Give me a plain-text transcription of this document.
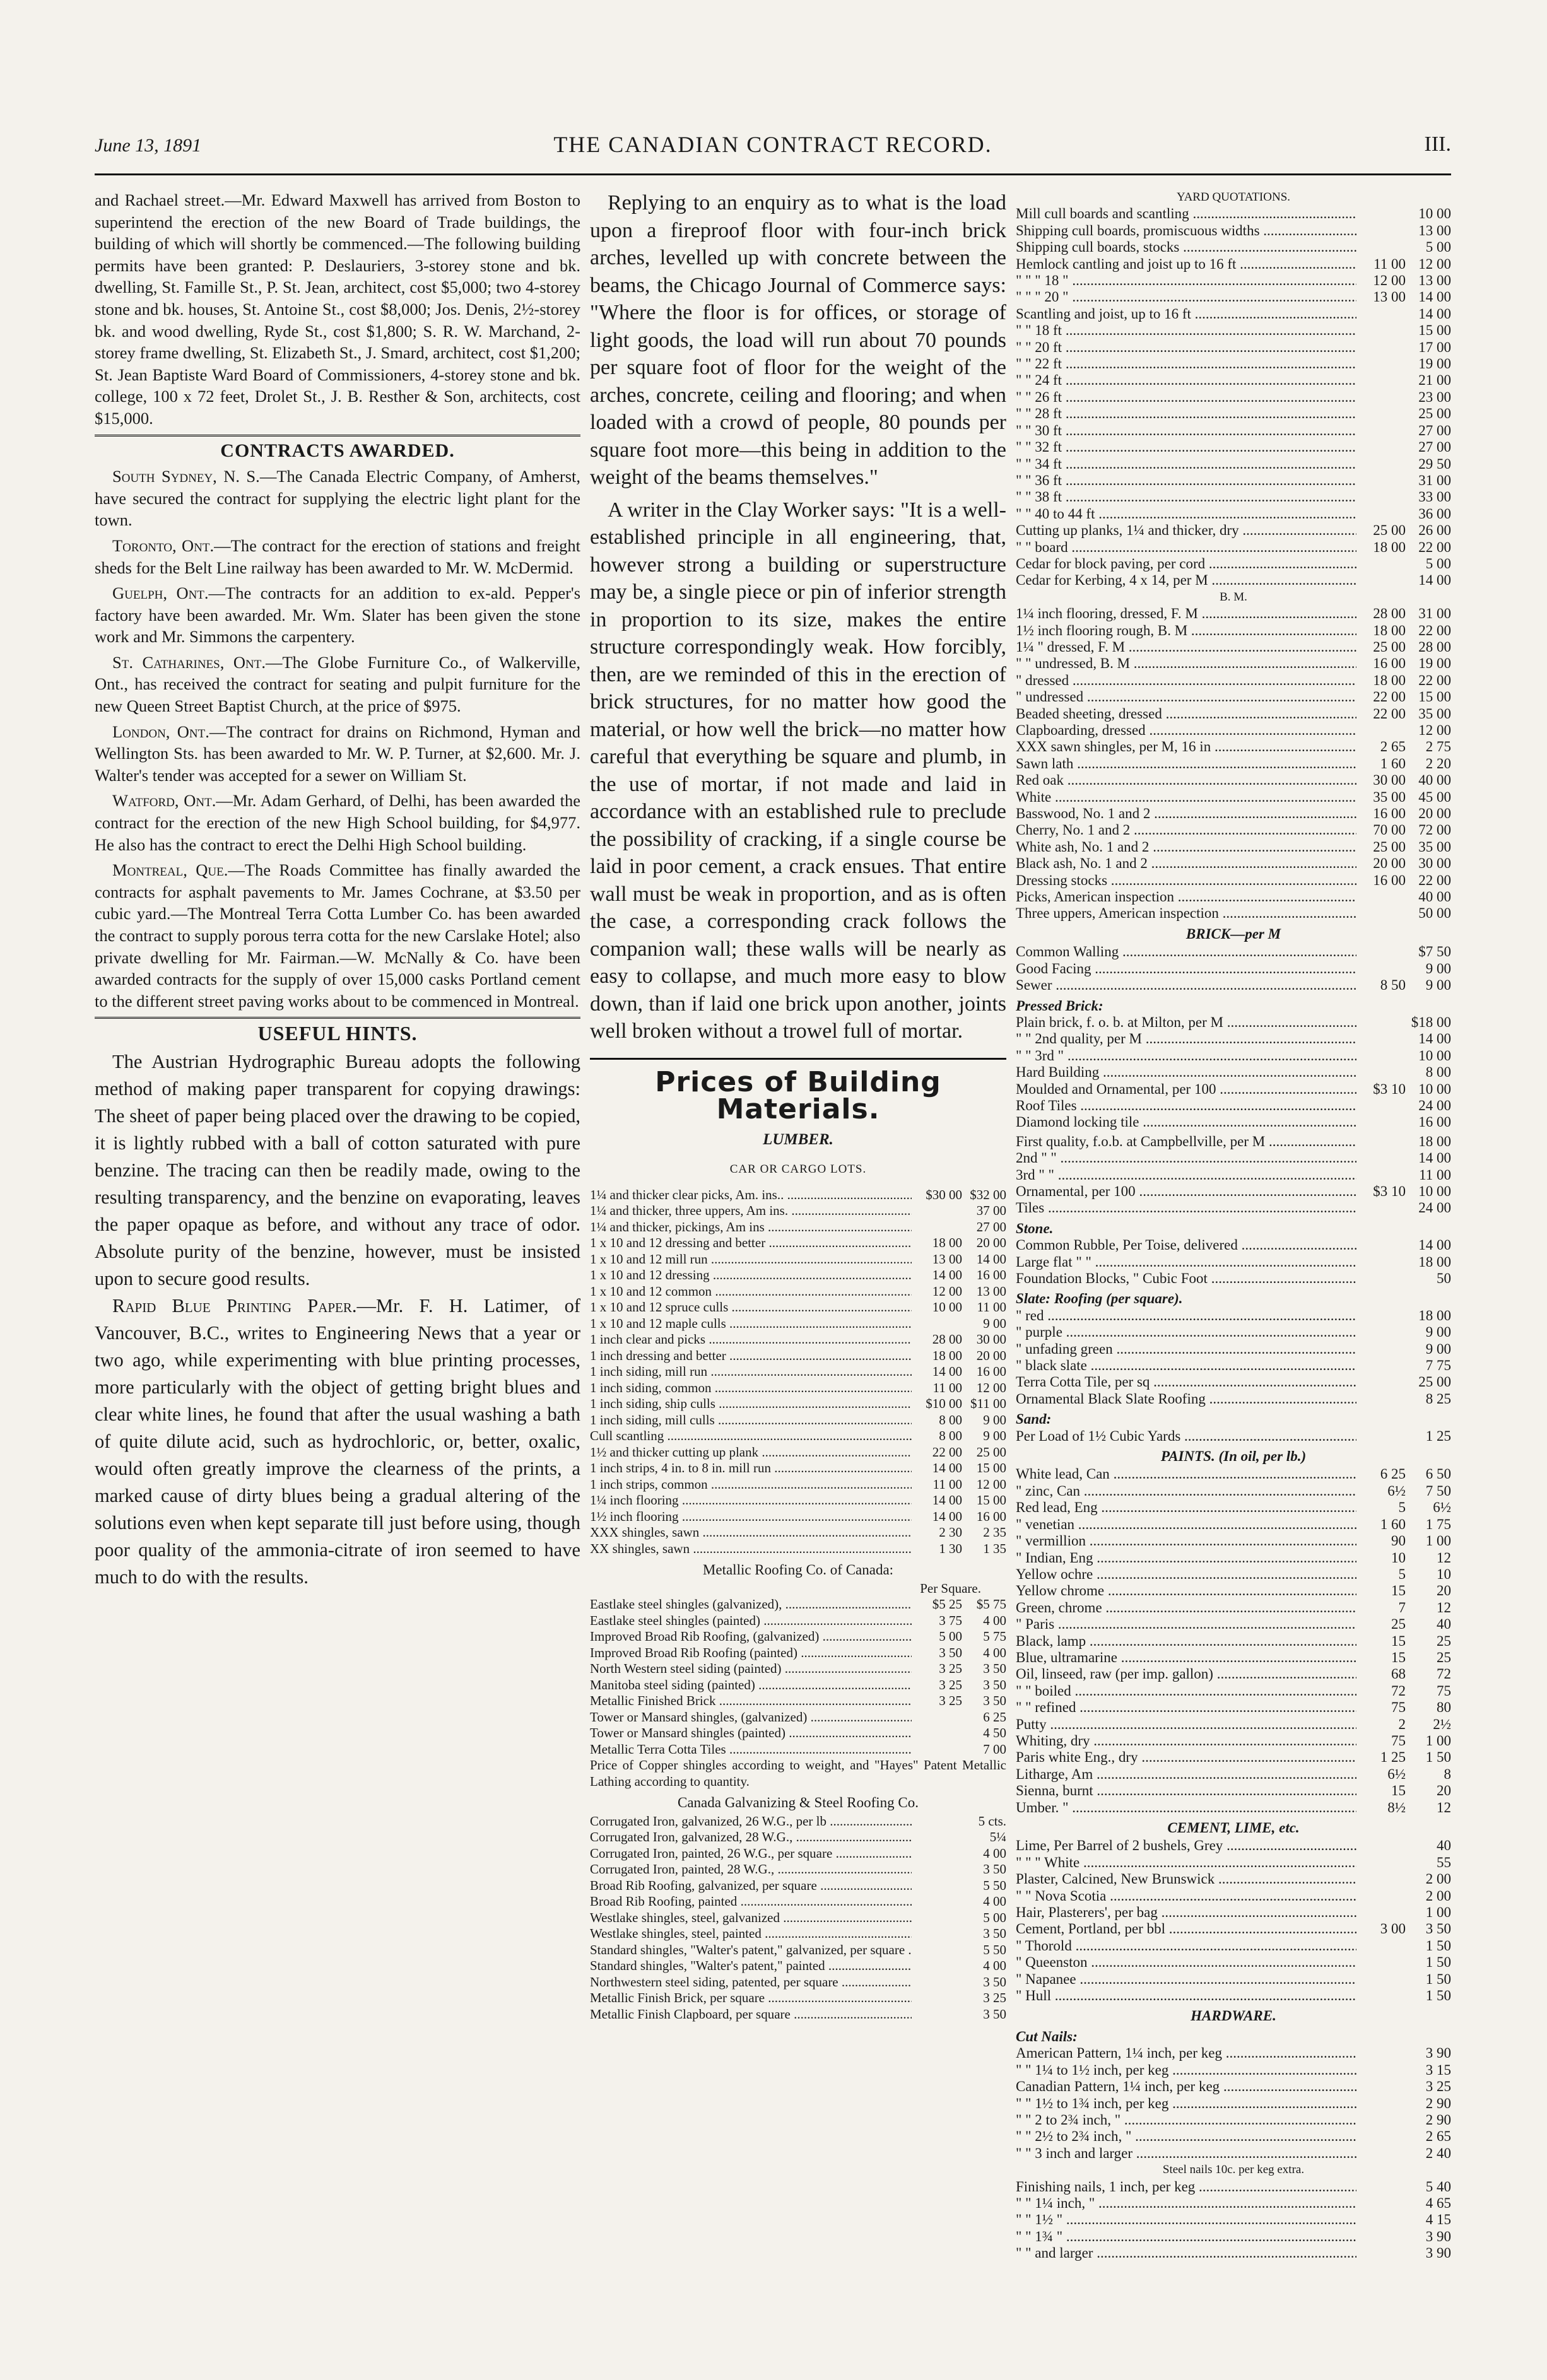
June 13, 1891	THE CANADIAN CONTRACT RECORD.	III.

and Rachael street.—Mr. Edward Maxwell has arrived from Boston to superintend the erection of the new Board of Trade buildings, the building of which will shortly be commenced.—The following building permits have been granted: P. Deslauriers, 3-storey stone and bk. dwelling, St. Famille St., P. St. Jean, architect, cost $5,000; two 4-storey stone and bk. houses, St. Antoine St., cost $8,000; Jos. Denis, 2½-storey bk. and wood dwelling, Ryde St., cost $1,800; S. R. W. Marchand, 2-storey frame dwelling, St. Elizabeth St., J. Smard, architect, cost $1,200; St. Jean Baptiste Ward Board of Commissioners, 4-storey stone and bk. college, 100 x 72 feet, Drolet St., J. B. Resther & Son, architects, cost $15,000.

CONTRACTS AWARDED.

South Sydney, N. S.—The Canada Electric Company, of Amherst, have secured the contract for supplying the electric light plant for the town.

Toronto, Ont.—The contract for the erection of stations and freight sheds for the Belt Line railway has been awarded to Mr. W. McDermid.

Guelph, Ont.—The contracts for an addition to ex-ald. Pepper's factory have been awarded. Mr. Wm. Slater has been given the stone work and Mr. Simmons the carpentery.

St. Catharines, Ont.—The Globe Furniture Co., of Walkerville, Ont., has received the contract for seating and pulpit furniture for the new Queen Street Baptist Church, at the price of $975.

London, Ont.—The contract for drains on Richmond, Hyman and Wellington Sts. has been awarded to Mr. W. P. Turner, at $2,600. Mr. J. Walter's tender was accepted for a sewer on William St.

Watford, Ont.—Mr. Adam Gerhard, of Delhi, has been awarded the contract for the erection of the new High School building, for $4,977. He also has the contract to erect the Delhi High School building.

Montreal, Que.—The Roads Committee has finally awarded the contracts for asphalt pavements to Mr. James Cochrane, at $3.50 per cubic yard.—The Montreal Terra Cotta Lumber Co. has been awarded the contract to supply porous terra cotta for the new Carslake Hotel; also private dwelling for Mr. Fairman.—W. McNally & Co. have been awarded contracts for the supply of over 15,000 casks Portland cement to the different street paving works about to be commenced in Montreal.

USEFUL HINTS.

The Austrian Hydrographic Bureau adopts the following method of making paper transparent for copying drawings: The sheet of paper being placed over the drawing to be copied, it is lightly rubbed with a ball of cotton saturated with pure benzine. The tracing can then be readily made, owing to the resulting transparency, and the benzine on evaporating, leaves the paper opaque as before, and without any trace of odor. Absolute purity of the benzine, however, must be insisted upon to secure good results.

Rapid Blue Printing Paper.—Mr. F. H. Latimer, of Vancouver, B.C., writes to Engineering News that a year or two ago, while experimenting with blue printing processes, more particularly with the object of getting bright blues and clear white lines, he found that after the usual washing a bath of quite dilute acid, such as hydrochloric, or, better, oxalic, would often greatly improve the clearness of the prints, a marked cause of dirty blues being a gradual altering of the solutions even when kept separate till just before using, though poor quality of the ammonia-citrate of iron seemed to have much to do with the results.

Replying to an enquiry as to what is the load upon a fireproof floor with four-inch brick arches, levelled up with concrete between the beams, the Chicago Journal of Commerce says: "Where the floor is for offices, or storage of light goods, the load will run about 70 pounds per square foot of floor for the weight of the arches, concrete, ceiling and flooring; and when loaded with a crowd of people, 80 pounds per square foot more—this being in addition to the weight of the beams themselves."

A writer in the Clay Worker says: "It is a well-established principle in all engineering, that, however strong a building or superstructure may be, a single piece or pin of inferior strength in proportion to its size, makes the entire structure correspondingly weak. How forcibly, then, are we reminded of this in the erection of brick structures, for no matter how good the material, or how well the brick—no matter how careful that everything be square and plumb, in the use of mortar, if not made and laid in accordance with an established rule to preclude the possibility of cracking, if a single course be laid in poor cement, a crack ensues. That entire wall must be weak in proportion, and as is often the case, a corresponding crack follows the companion wall; these walls will be nearly as easy to collapse, and much more easy to blow down, than if laid one brick upon another, joints well broken without a trowel full of mortar.

Prices of Building Materials.
LUMBER.
CAR OR CARGO LOTS.
1¼ and thicker clear picks, Am. ins.. .....	$30 00 $32 00
1¼ and thicker, three uppers, Am ins. .....	37 00
1¼ and thicker, pickings, Am ins .....	27 00
1 x 10 and 12 dressing and better .....	18 00	20 00
1 x 10 and 12 mill run .....	13 00	14 00
1 x 10 and 12 dressing .....	14 00	16 00
1 x 10 and 12 common .....	12 00	13 00
1 x 10 and 12 spruce culls .....	10 00	11 00
1 x 10 and 12 maple culls .....	9 00
1 inch clear and picks .....	28 00	30 00
1 inch dressing and better .....	18 00	20 00
1 inch siding, mill run .....	14 00	16 00
1 inch siding, common .....	11 00	12 00
1 inch siding, ship culls .....	$10 00 $11 00
1 inch siding, mill culls .....	8 00	9 00
Cull scantling .....	8 00	9 00
1½ and thicker cutting up plank .....	22 00	25 00
1 inch strips, 4 in. to 8 in. mill run .....	14 00	15 00
1 inch strips, common .....	11 00	12 00
1¼ inch flooring .....	14 00	15 00
1½ inch flooring .....	14 00	16 00
XXX shingles, sawn .....	2 30	2 35
XX shingles, sawn .....	1 30	1 35
Metallic Roofing Co. of Canada:
Per Square.
Eastlake steel shingles (galvanized), .....	$5 25	$5 75
Eastlake steel shingles (painted) .....	3 75	4 00
Improved Broad Rib Roofing, (galvanized) .....	5 00	5 75
Improved Broad Rib Roofing (painted) .....	3 50	4 00
North Western steel siding (painted) .....	3 25	3 50
Manitoba steel siding (painted) .....	3 25	3 50
Metallic Finished Brick .....	3 25	3 50
Tower or Mansard shingles, (galvanized) .....	6 25
Tower or Mansard shingles (painted) .....	4 50
Metallic Terra Cotta Tiles .....	7 00

Price of Copper shingles according to weight, and "Hayes" Patent Metallic Lathing according to quantity.

Canada Galvanizing & Steel Roofing Co.
Corrugated Iron, galvanized, 26 W.G., per lb .....	5 cts.
Corrugated Iron, galvanized, 28 W.G., .....	5¼
Corrugated Iron, painted, 26 W.G., per square .....	4 00
Corrugated Iron, painted, 28 W.G., .....	3 50
Broad Rib Roofing, galvanized, per square .....	5 50
Broad Rib Roofing, painted .....	4 00
Westlake shingles, steel, galvanized .....	5 00
Westlake shingles, steel, painted .....	3 50
Standard shingles, "Walter's patent," galvanized, per square .....	5 50
Standard shingles, "Walter's patent," painted .....	4 00
Northwestern steel siding, patented, per square .....	3 50
Metallic Finish Brick, per square .....	3 25
Metallic Finish Clapboard, per square .....	3 50
YARD QUOTATIONS.
Mill cull boards and scantling .....	10 00
Shipping cull boards, promiscuous widths .....	13 00
Shipping cull boards, stocks .....	5 00
Hemlock cantling and joist up to 16 ft .....	11 00 12 00
" " " 18 " .....	12 00 13 00
" " " 20 " .....	13 00 14 00
Scantling and joist, up to 16 ft .....	14 00
" " 18 ft .....	15 00
" " 20 ft .....	17 00
" " 22 ft .....	19 00
" " 24 ft .....	21 00
" " 26 ft .....	23 00
" " 28 ft .....	25 00
" " 30 ft .....	27 00
" " 32 ft .....	27 00
" " 34 ft .....	29 50
" " 36 ft .....	31 00
" " 38 ft .....	33 00
" " 40 to 44 ft .....	36 00
Cutting up planks, 1¼ and thicker, dry .....	25 00 26 00
" " board .....	18 00 22 00
Cedar for block paving, per cord .....	5 00
Cedar for Kerbing, 4 x 14, per M .....	14 00
B. M.
1¼ inch flooring, dressed, F. M .....	28 00 31 00
1½ inch flooring rough, B. M .....	18 00 22 00
1¼ " dressed, F. M .....	25 00 28 00
" " undressed, B. M .....	16 00 19 00
" dressed .....	18 00 22 00
" undressed .....	22 00 15 00
Beaded sheeting, dressed .....	22 00 35 00
Clapboarding, dressed .....	12 00
XXX sawn shingles, per M, 16 in .....	2 65	2 75
Sawn lath .....	1 60	2 20
Red oak .....	30 00 40 00
White .....	35 00 45 00
Basswood, No. 1 and 2 .....	16 00 20 00
Cherry, No. 1 and 2 .....	70 00 72 00
White ash, No. 1 and 2 .....	25 00 35 00
Black ash, No. 1 and 2 .....	20 00 30 00
Dressing stocks .....	16 00 22 00
Picks, American inspection .....	40 00
Three uppers, American inspection .....	50 00
BRICK—per M
Common Walling .....	$7 50
Good Facing .....	9 00
Sewer .....	8 50	9 00
Pressed Brick:
Plain brick, f. o. b. at Milton, per M .....	$18 00
" " 2nd quality, per M .....	14 00
" " 3rd " .....	10 00
Hard Building .....	8 00
Moulded and Ornamental, per 100 .....	$3 10 10 00
Roof Tiles .....	24 00
Diamond locking tile .....	16 00
First quality, f.o.b. at Campbellville, per M .....	18 00
2nd " " .....	14 00
3rd " " .....	11 00
Ornamental, per 100 .....	$3 10 10 00
Tiles .....	24 00
Stone.
Common Rubble, Per Toise, delivered .....	14 00
Large flat " " .....	18 00
Foundation Blocks, " Cubic Foot .....	50
Slate: Roofing (per square).
" red .....	18 00
" purple .....	9 00
" unfading green .....	9 00
" black slate .....	7 75
Terra Cotta Tile, per sq .....	25 00
Ornamental Black Slate Roofing .....	8 25
Sand:
Per Load of 1½ Cubic Yards .....	1 25
PAINTS. (In oil, per lb.)
White lead, Can .....	6 25	6 50
" zinc, Can .....	6½	7 50
Red lead, Eng .....	5	6½
" venetian .....	1 60	1 75
" vermillion .....	90	1 00
" Indian, Eng .....	10	12
Yellow ochre .....	5	10
Yellow chrome .....	15	20
Green, chrome .....	7	12
" Paris .....	25	40
Black, lamp .....	15	25
Blue, ultramarine .....	15	25
Oil, linseed, raw (per imp. gallon) .....	68	72
" " boiled .....	72	75
" " refined .....	75	80
Putty .....	2	2½
Whiting, dry .....	75	1 00
Paris white Eng., dry .....	1 25	1 50
Litharge, Am .....	6½	8
Sienna, burnt .....	15	20
Umber. " .....	8½	12
CEMENT, LIME, etc.
Lime, Per Barrel of 2 bushels, Grey .....	40
" " " White .....	55
Plaster, Calcined, New Brunswick .....	2 00
" " Nova Scotia .....	2 00
Hair, Plasterers', per bag .....	1 00
Cement, Portland, per bbl .....	3 00	3 50
" Thorold .....	1 50
" Queenston .....	1 50
" Napanee .....	1 50
" Hull .....	1 50
HARDWARE.
Cut Nails:
American Pattern, 1¼ inch, per keg .....	3 90
" " 1¼ to 1½ inch, per keg .....	3 15
Canadian Pattern, 1¼ inch, per keg .....	3 25
" " 1½ to 1¾ inch, per keg .....	2 90
" " 2 to 2¾ inch, " .....	2 90
" " 2½ to 2¾ inch, " .....	2 65
" " 3 inch and larger .....	2 40
Steel nails 10c. per keg extra.
Finishing nails, 1 inch, per keg .....	5 40
" " 1¼ inch, " .....	4 65
" " 1½ " .....	4 15
" " 1¾ " .....	3 90
" " and larger .....	3 90
